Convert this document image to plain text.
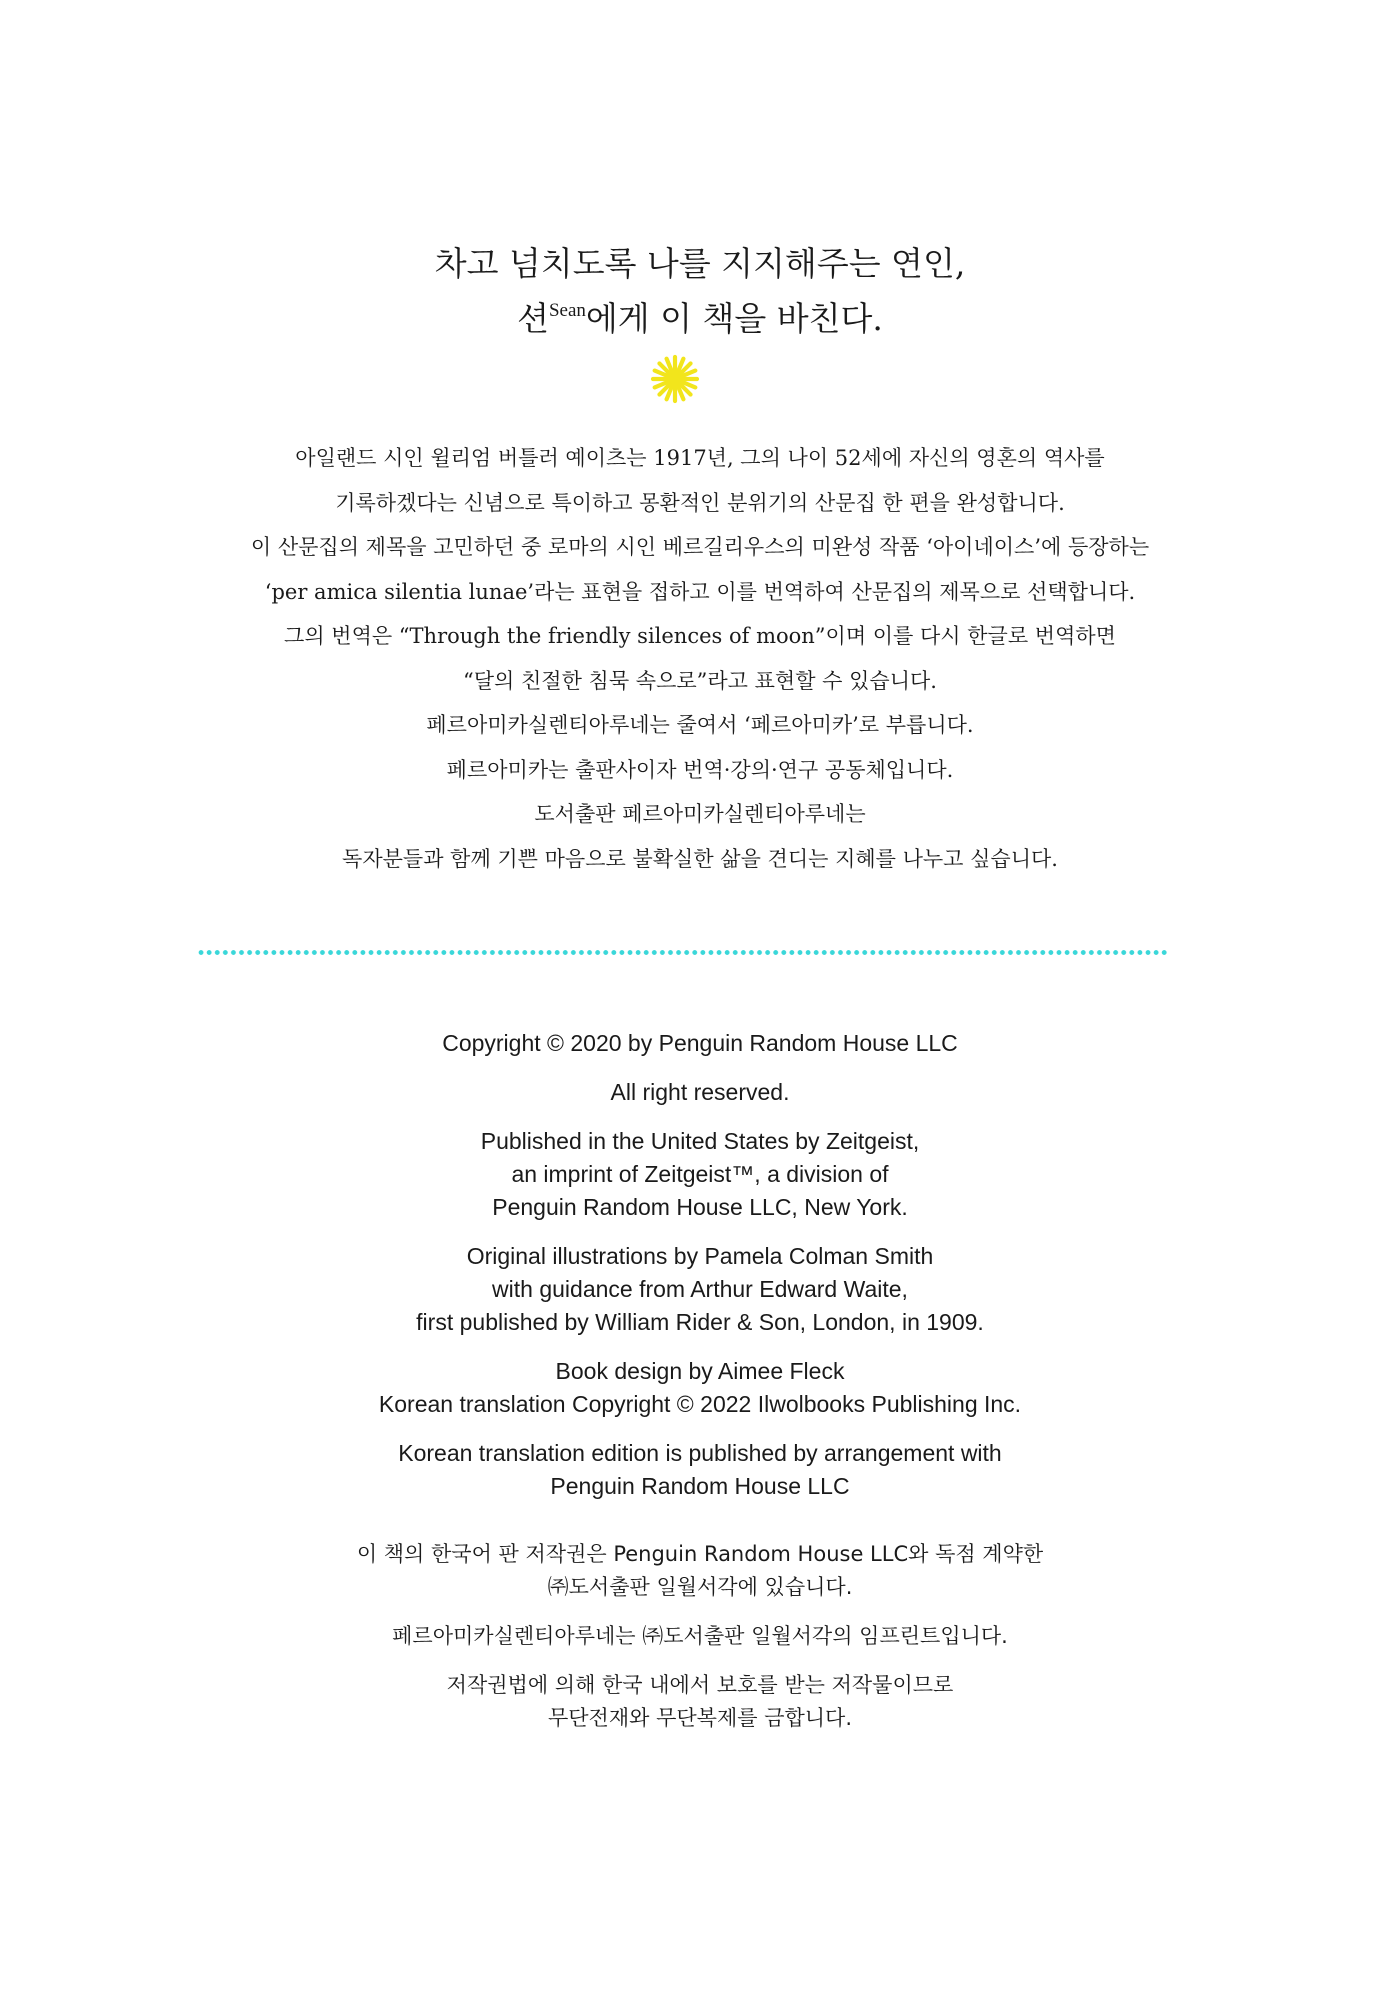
차고 넘치도록 나를 지지해주는 연인,
션$^{Sean}$에게 이 책을 바친다.

아일랜드 시인 윌리엄 버틀러 예이츠는 1917년, 그의 나이 52세에 자신의 영혼의 역사를

기록하겠다는 신념으로 특이하고 몽환적인 분위기의 산문집 한 편을 완성합니다.

이 산문집의 제목을 고민하던 중 로마의 시인 베르길리우스의 미완성 작품 ‘아이네이스’에 등장하는

‘per amica silentia lunae’라는 표현을 접하고 이를 번역하여 산문집의 제목으로 선택합니다.

그의 번역은 “Through the friendly silences of moon”이며 이를 다시 한글로 번역하면

“달의 친절한 침묵 속으로”라고 표현할 수 있습니다.

페르아미카실렌티아루네는 줄여서 ‘페르아미카’로 부릅니다.

페르아미카는 출판사이자 번역·강의·연구 공동체입니다.

도서출판 페르아미카실렌티아루네는

독자분들과 함께 기쁜 마음으로 불확실한 삶을 견디는 지혜를 나누고 싶습니다.

Copyright © 2020 by Penguin Random House LLC
All right reserved.
Published in the United States by Zeitgeist,
an imprint of Zeitgeist™, a division of
Penguin Random House LLC, New York.
Original illustrations by Pamela Colman Smith
with guidance from Arthur Edward Waite,
first published by William Rider & Son, London, in 1909.
Book design by Aimee Fleck
Korean translation Copyright © 2022 Ilwolbooks Publishing Inc.
Korean translation edition is published by arrangement with
Penguin Random House LLC
이 책의 한국어 판 저작권은 Penguin Random House LLC와 독점 계약한
㈜도서출판 일월서각에 있습니다.
페르아미카실렌티아루네는 ㈜도서출판 일월서각의 임프린트입니다.
저작권법에 의해 한국 내에서 보호를 받는 저작물이므로
무단전재와 무단복제를 금합니다.
